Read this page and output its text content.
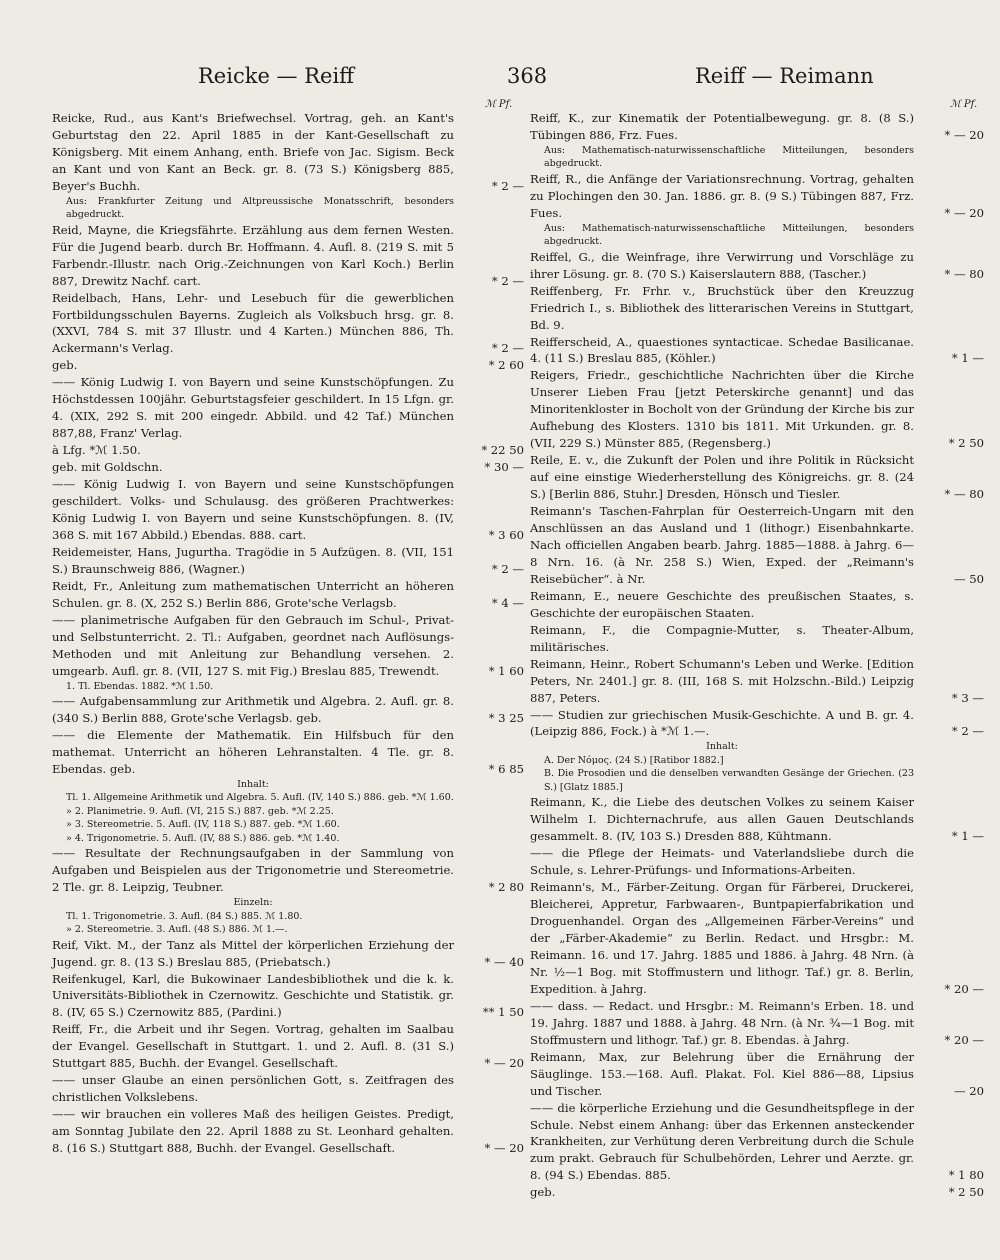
Reicke — Reiff	368	Reiff — Reimann
ℳ Pf.	ℳ Pf.
Reicke, Rud., aus Kant's Briefwechsel. Vortrag, geh. an Kant's Geburtstag den 22. April 1885 in der Kant-Gesellschaft zu Königsberg. Mit einem Anhang, enth. Briefe von Jac. Sigism. Beck an Kant und von Kant an Beck. gr. 8. (73 S.) Königsberg 885, Beyer's Buchh.	* 2 —
Aus: Frankfurter Zeitung und Altpreussische Monatsschrift, besonders abgedruckt.
Reid, Mayne, die Kriegsfährte. Erzählung aus dem fernen Westen. Für die Jugend bearb. durch Br. Hoffmann. 4. Aufl. 8. (219 S. mit 5 Farbendr.-Illustr. nach Orig.-Zeichnungen von Karl Koch.) Berlin 887, Drewitz Nachf. cart.	* 2 —
Reidelbach, Hans, Lehr- und Lesebuch für die gewerblichen Fortbildungsschulen Bayerns. Zugleich als Volksbuch hrsg. gr. 8. (XXVI, 784 S. mit 37 Illustr. und 4 Karten.) München 886, Th. Ackermann's Verlag.	* 2 —
geb.	* 2 60
—— König Ludwig I. von Bayern und seine Kunstschöpfungen. Zu Höchstdessen 100jähr. Geburtstagsfeier geschildert. In 15 Lfgn. gr. 4. (XIX, 292 S. mit 200 eingedr. Abbild. und 42 Taf.) München 887,88, Franz' Verlag.
à Lfg. *ℳ 1.50.	* 22 50
geb. mit Goldschn.	* 30 —
—— König Ludwig I. von Bayern und seine Kunstschöpfungen geschildert. Volks- und Schulausg. des größeren Prachtwerkes: König Ludwig I. von Bayern und seine Kunstschöpfungen. 8. (IV, 368 S. mit 167 Abbild.) Ebendas. 888. cart.	* 3 60
Reidemeister, Hans, Jugurtha. Tragödie in 5 Aufzügen. 8. (VII, 151 S.) Braunschweig 886, (Wagner.)	* 2 —
Reidt, Fr., Anleitung zum mathematischen Unterricht an höheren Schulen. gr. 8. (X, 252 S.) Berlin 886, Grote'sche Verlagsb.	* 4 —
—— planimetrische Aufgaben für den Gebrauch im Schul-, Privat- und Selbstunterricht. 2. Tl.: Aufgaben, geordnet nach Auflösungs-Methoden und mit Anleitung zur Behandlung versehen. 2. umgearb. Aufl. gr. 8. (VII, 127 S. mit Fig.) Breslau 885, Trewendt.	* 1 60
1. Tl. Ebendas. 1882. *ℳ 1.50.
—— Aufgabensammlung zur Arithmetik und Algebra. 2. Aufl. gr. 8. (340 S.) Berlin 888, Grote'sche Verlagsb. geb.	* 3 25
—— die Elemente der Mathematik. Ein Hilfsbuch für den mathemat. Unterricht an höheren Lehranstalten. 4 Tle. gr. 8. Ebendas. geb.	* 6 85
Inhalt:
Tl. 1. Allgemeine Arithmetik und Algebra. 5. Aufl. (IV, 140 S.) 886. geb. *ℳ 1.60.
» 2. Planimetrie. 9. Aufl. (VI, 215 S.) 887. geb. *ℳ 2.25.
» 3. Stereometrie. 5. Aufl. (IV, 118 S.) 887. geb. *ℳ 1.60.
» 4. Trigonometrie. 5. Aufl. (IV, 88 S.) 886. geb. *ℳ 1.40.
—— Resultate der Rechnungsaufgaben in der Sammlung von Aufgaben und Beispielen aus der Trigonometrie und Stereometrie. 2 Tle. gr. 8. Leipzig, Teubner.	* 2 80
Einzeln:
Tl. 1. Trigonometrie. 3. Aufl. (84 S.) 885. ℳ 1.80.
» 2. Stereometrie. 3. Aufl. (48 S.) 886. ℳ 1.—.
Reif, Vikt. M., der Tanz als Mittel der körperlichen Erziehung der Jugend. gr. 8. (13 S.) Breslau 885, (Priebatsch.)	* — 40
Reifenkugel, Karl, die Bukowinaer Landesbibliothek und die k. k. Universitäts-Bibliothek in Czernowitz. Geschichte und Statistik. gr. 8. (IV, 65 S.) Czernowitz 885, (Pardini.)	** 1 50
Reiff, Fr., die Arbeit und ihr Segen. Vortrag, gehalten im Saalbau der Evangel. Gesellschaft in Stuttgart. 1. und 2. Aufl. 8. (31 S.) Stuttgart 885, Buchh. der Evangel. Gesellschaft.	* — 20
—— unser Glaube an einen persönlichen Gott, s. Zeitfragen des christlichen Volkslebens.
—— wir brauchen ein volleres Maß des heiligen Geistes. Predigt, am Sonntag Jubilate den 22. April 1888 zu St. Leonhard gehalten. 8. (16 S.) Stuttgart 888, Buchh. der Evangel. Gesellschaft.	* — 20
Reiff, K., zur Kinematik der Potentialbewegung. gr. 8. (8 S.) Tübingen 886, Frz. Fues.	* — 20
Aus: Mathematisch-naturwissenschaftliche Mitteilungen, besonders abgedruckt.
Reiff, R., die Anfänge der Variationsrechnung. Vortrag, gehalten zu Plochingen den 30. Jan. 1886. gr. 8. (9 S.) Tübingen 887, Frz. Fues.	* — 20
Aus: Mathematisch-naturwissenschaftliche Mitteilungen, besonders abgedruckt.
Reiffel, G., die Weinfrage, ihre Verwirrung und Vorschläge zu ihrer Lösung. gr. 8. (70 S.) Kaiserslautern 888, (Tascher.)	* — 80
Reiffenberg, Fr. Frhr. v., Bruchstück über den Kreuzzug Friedrich I., s. Bibliothek des litterarischen Vereins in Stuttgart, Bd. 9.
Reifferscheid, A., quaestiones syntacticae. Schedae Basilicanae. 4. (11 S.) Breslau 885, (Köhler.)	* 1 —
Reigers, Friedr., geschichtliche Nachrichten über die Kirche Unserer Lieben Frau [jetzt Peterskirche genannt] und das Minoritenkloster in Bocholt von der Gründung der Kirche bis zur Aufhebung des Klosters. 1310 bis 1811. Mit Urkunden. gr. 8. (VII, 229 S.) Münster 885, (Regensberg.)	* 2 50
Reile, E. v., die Zukunft der Polen und ihre Politik in Rücksicht auf eine einstige Wiederherstellung des Königreichs. gr. 8. (24 S.) [Berlin 886, Stuhr.] Dresden, Hönsch und Tiesler.	* — 80
Reimann's Taschen-Fahrplan für Oesterreich-Ungarn mit den Anschlüssen an das Ausland und 1 (lithogr.) Eisenbahnkarte. Nach officiellen Angaben bearb. Jahrg. 1885—1888. à Jahrg. 6—8 Nrn. 16. (à Nr. 258 S.) Wien, Exped. der „Reimann's Reisebücher“. à Nr.	— 50
Reimann, E., neuere Geschichte des preußischen Staates, s. Geschichte der europäischen Staaten.
Reimann, F., die Compagnie-Mutter, s. Theater-Album, militärisches.
Reimann, Heinr., Robert Schumann's Leben und Werke. [Edition Peters, Nr. 2401.] gr. 8. (III, 168 S. mit Holzschn.-Bild.) Leipzig 887, Peters.	* 3 —
—— Studien zur griechischen Musik-Geschichte. A und B. gr. 4. (Leipzig 886, Fock.) à *ℳ 1.—.	* 2 —
Inhalt:
A. Der Νόμος. (24 S.) [Ratibor 1882.]
B. Die Prosodien und die denselben verwandten Gesänge der Griechen. (23 S.) [Glatz 1885.]
Reimann, K., die Liebe des deutschen Volkes zu seinem Kaiser Wilhelm I. Dichternachrufe, aus allen Gauen Deutschlands gesammelt. 8. (IV, 103 S.) Dresden 888, Kühtmann.	* 1 —
—— die Pflege der Heimats- und Vaterlandsliebe durch die Schule, s. Lehrer-Prüfungs- und Informations-Arbeiten.
Reimann's, M., Färber-Zeitung. Organ für Färberei, Druckerei, Bleicherei, Appretur, Farbwaaren-, Buntpapierfabrikation und Droguenhandel. Organ des „Allgemeinen Färber-Vereins“ und der „Färber-Akademie“ zu Berlin. Redact. und Hrsgbr.: M. Reimann. 16. und 17. Jahrg. 1885 und 1886. à Jahrg. 48 Nrn. (à Nr. ½—1 Bog. mit Stoffmustern und lithogr. Taf.) gr. 8. Berlin, Expedition. à Jahrg.	* 20 —
—— dass. — Redact. und Hrsgbr.: M. Reimann's Erben. 18. und 19. Jahrg. 1887 und 1888. à Jahrg. 48 Nrn. (à Nr. ¾—1 Bog. mit Stoffmustern und lithogr. Taf.) gr. 8. Ebendas. à Jahrg.	* 20 —
Reimann, Max, zur Belehrung über die Ernährung der Säuglinge. 153.—168. Aufl. Plakat. Fol. Kiel 886—88, Lipsius und Tischer.	— 20
—— die körperliche Erziehung und die Gesundheitspflege in der Schule. Nebst einem Anhang: über das Erkennen ansteckender Krankheiten, zur Verhütung deren Verbreitung durch die Schule zum prakt. Gebrauch für Schulbehörden, Lehrer und Aerzte. gr. 8. (94 S.) Ebendas. 885.	* 1 80
geb.	* 2 50
